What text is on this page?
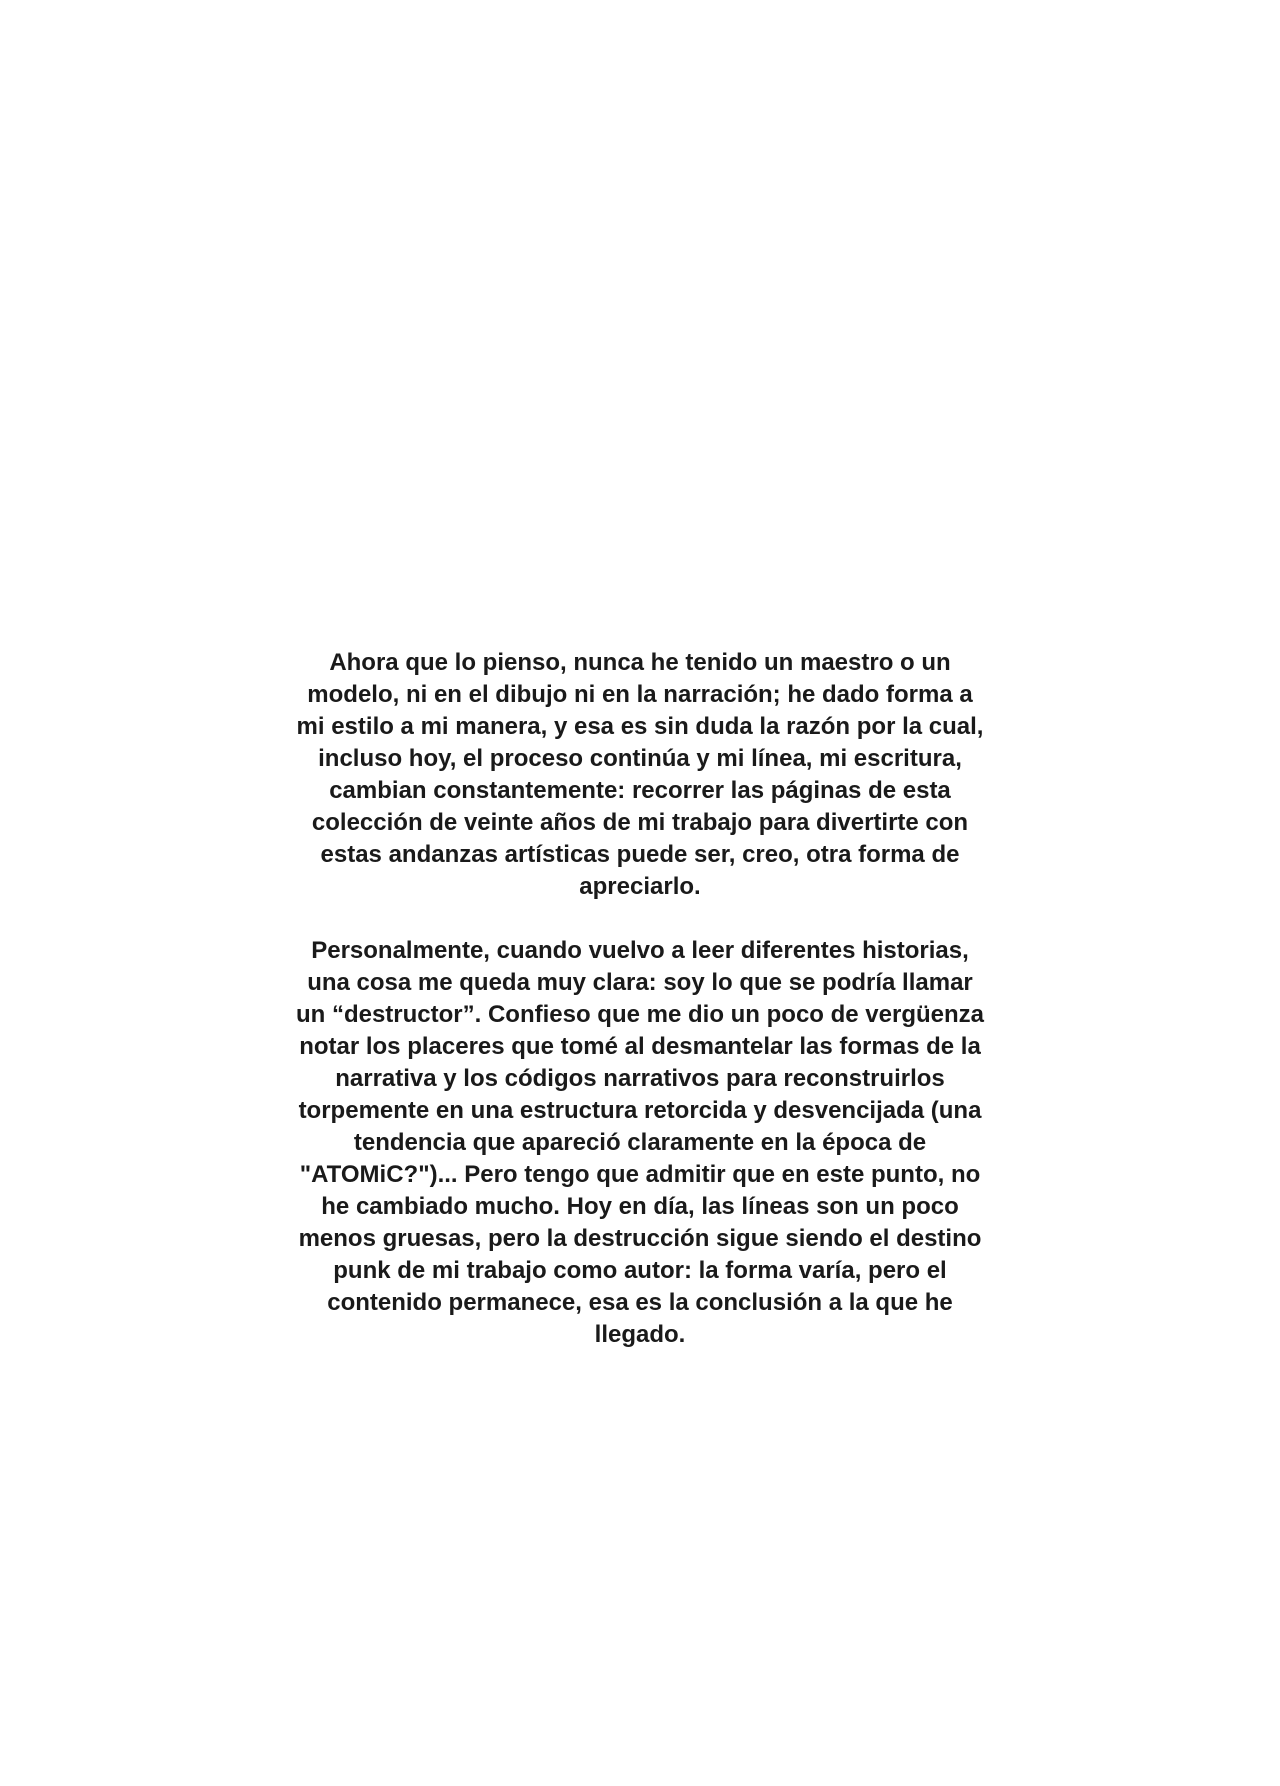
Ahora que lo pienso, nunca he tenido un maestro o un modelo, ni en el dibujo ni en la narración; he dado forma a mi estilo a mi manera, y esa es sin duda la razón por la cual, incluso hoy, el proceso continúa y mi línea, mi escritura, cambian constantemente: recorrer las páginas de esta colección de veinte años de mi trabajo para divertirte con estas andanzas artísticas puede ser, creo, otra forma de apreciarlo.

Personalmente, cuando vuelvo a leer diferentes historias, una cosa me queda muy clara: soy lo que se podría llamar un “destructor”. Confieso que me dio un poco de vergüenza notar los placeres que tomé al desmantelar las formas de la narrativa y los códigos narrativos para reconstruirlos torpemente en una estructura retorcida y desvencijada (una tendencia que apareció claramente en la época de "ATOMiC?")... Pero tengo que admitir que en este punto, no he cambiado mucho. Hoy en día, las líneas son un poco menos gruesas, pero la destrucción sigue siendo el destino punk de mi trabajo como autor: la forma varía, pero el contenido permanece, esa es la conclusión a la que he llegado.
